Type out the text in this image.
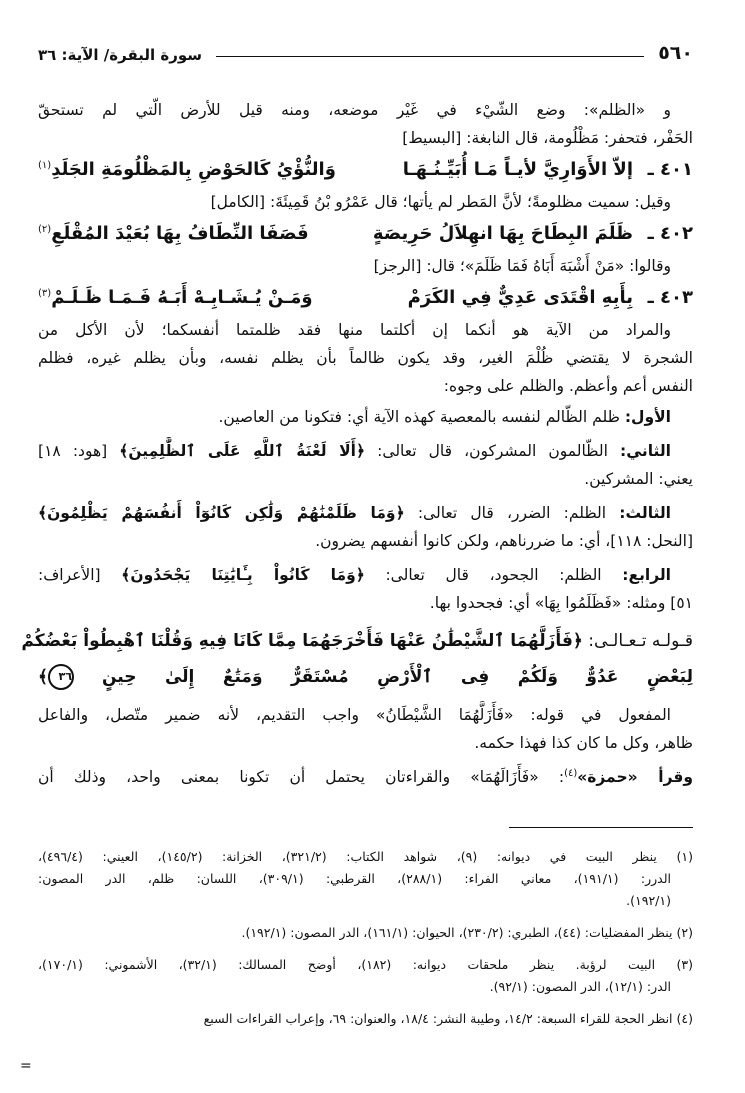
٥٦٠
سورة البقرة/ الآية: ٣٦
و «الظلم»: وضع الشّيْء في غَيْر موضعه، ومنه قيل للأرض الّتي لم تستحقّ
الحَفْر، فتحفر: مَظْلُومة، قال النابغة: [البسيط]
٤٠١ ـ
إلاّ الأَوَارِيَّ لأيـاً مَـا أُبَيِّـنُـهَـا
وَالنُّؤْيُ كَالحَوْضِ بِالمَظْلُومَةِ الجَلَدِ$^{(١)}$
وقيل: سميت مظلومةً؛ لأنَّ المَطر لم يأتها؛ قال عَمْرُو بْنُ قَمِيئَةَ: [الكامل]
٤٠٢ ـ
ظَلَمَ البِطَاحَ بِهَا انهِلاَلُ حَرِيصَةٍ
فَصَفَا النِّطَافُ بِهَا بُعَيْدَ المُقْلَعِ$^{(٢)}$
وقالوا: «مَنْ أَشْبَهَ أَبَاهُ فَمَا ظَلَمَ»؛ قال: [الرجز]
٤٠٣ ـ
بِأَبِهِ اقْتَدَى عَدِيٌّ فِي الكَرَمْ
وَمَـنْ يُـشَـابِـهْ أَبَـهُ فَـمَـا ظَـلَـمْ$^{(٣)}$
والمراد من الآية هو أنكما إن أكلتما منها فقد ظلمتما أنفسكما؛ لأن الأكل من
الشجرة لا يقتضي ظُلْمَ الغير، وقد يكون ظالماً بأن يظلم نفسه، وبأن يظلم غيره، فظلم
النفس أعم وأعظم. والظلم على وجوه:
الأول: ظلم الظّالم لنفسه بالمعصية كهذه الآية أي: فتكونا من العاصين.
الثاني: الظّالمون المشركون، قال تعالى: ﴿أَلَا لَعْنَةُ ٱللَّهِ عَلَى ٱلظَّٰلِمِينَ﴾ [هود: ١٨]
يعني: المشركين.
الثالث: الظلم: الضرر، قال تعالى: ﴿وَمَا ظَلَمْنَٰهُمْ وَلَٰكِن كَانُوٓاْ أَنفُسَهُمْ يَظْلِمُونَ﴾
[النحل: ١١٨]، أي: ما ضررناهم، ولكن كانوا أنفسهم يضرون.
الرابع: الظلم: الجحود، قال تعالى: ﴿وَمَا كَانُواْ بِـَٔايَٰتِنَا يَجْحَدُونَ﴾ [الأعراف:
٥١] ومثله: «فَظَلَمُوا بِهَا» أي: فجحدوا بها.
قـولـه تـعـالـى: ﴿فَأَزَلَّهُمَا ٱلشَّيْطَٰنُ عَنْهَا فَأَخْرَجَهُمَا مِمَّا كَانَا فِيهِ وَقُلْنَا ٱهْبِطُواْ بَعْضُكُمْ
لِبَعْضٍ عَدُوٌّ وَلَكُمْ فِى ٱلْأَرْضِ مُسْتَقَرٌّ وَمَتَٰعٌ إِلَىٰ حِينٍ ٣٦﴾
المفعول في قوله: «فَأَزَلَّهُمَا الشَّيْطَانُ» واجب التقديم، لأنه ضمير متّصل، والفاعل
ظاهر، وكل ما كان كذا فهذا حكمه.
وقرأ «حمزة»$^{(٤)}$: «فَأَزَالَهُمَا» والقراءتان يحتمل أن تكونا بمعنى واحد، وذلك أن
(١) ينظر البيت في ديوانه: (٩)، شواهد الكتاب: (٣٢١/٢)، الخزانة: (١٤٥/٢)، العيني: (٤٩٦/٤)،
الدرر: (١٩١/١)، معاني الفراء: (٢٨٨/١)، القرطبي: (٣٠٩/١)، اللسان: ظلم، الدر المصون:
(١٩٢/١).
(٢) ينظر المفضليات: (٤٤)، الطبري: (٢٣٠/٢)، الحيوان: (١٦١/١)، الدر المصون: (١٩٢/١).
(٣) البيت لرؤبة. ينظر ملحقات ديوانه: (١٨٢)، أوضح المسالك: (٣٢/١)، الأشموني: (١٧٠/١)،
الدر: (١٢/١)، الدر المصون: (٩٢/١).
(٤) انظر الحجة للقراء السبعة: ١٤/٢، وطيبة النشر: ١٨/٤، والعنوان: ٦٩، وإعراب القراءات السبع
=
